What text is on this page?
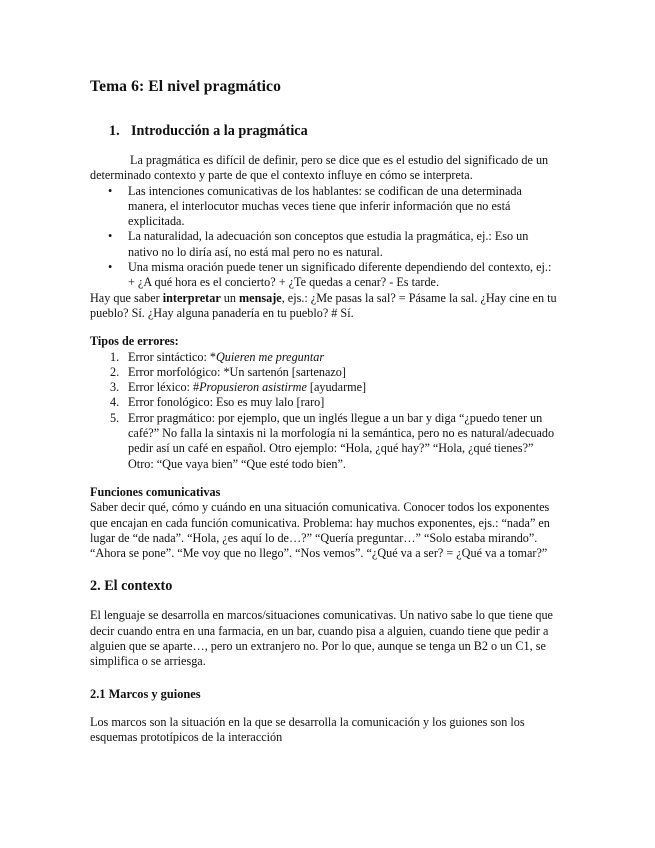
Tema 6: El nivel pragmático
1. Introducción a la pragmática

La pragmática es difícil de definir, pero se dice que es el estudio del significado de un determinado contexto y parte de que el contexto influye en cómo se interpreta.

• Las intenciones comunicativas de los hablantes: se codifican de una determinada manera, el interlocutor muchas veces tiene que inferir información que no está explicitada.
• La naturalidad, la adecuación son conceptos que estudia la pragmática, ej.: Eso un nativo no lo diría así, no está mal pero no es natural.
• Una misma oración puede tener un significado diferente dependiendo del contexto, ej.: + ¿A qué hora es el concierto? + ¿Te quedas a cenar? - Es tarde.

Hay que saber interpretar un mensaje, ejs.: ¿Me pasas la sal? = Pásame la sal. ¿Hay cine en tu pueblo? Sí. ¿Hay alguna panadería en tu pueblo? # Sí.

Tipos de errores:

1. Error sintáctico: *Quieren me preguntar
2. Error morfológico: *Un sartenón [sartenazo]
3. Error léxico: #Propusieron asistirme [ayudarme]
4. Error fonológico: Eso es muy lalo [raro]
5. Error pragmático: por ejemplo, que un inglés llegue a un bar y diga “¿puedo tener un café?” No falla la sintaxis ni la morfología ni la semántica, pero no es natural/adecuado pedir así un café en español. Otro ejemplo: “Hola, ¿qué hay?” “Hola, ¿qué tienes?” Otro: “Que vaya bien” “Que esté todo bien”.

Funciones comunicativas

Saber decir qué, cómo y cuándo en una situación comunicativa. Conocer todos los exponentes que encajan en cada función comunicativa. Problema: hay muchos exponentes, ejs.: “nada” en lugar de “de nada”. “Hola, ¿es aquí lo de…?” “Quería preguntar…” “Solo estaba mirando”. “Ahora se pone”. “Me voy que no llego”. “Nos vemos”. “¿Qué va a ser? = ¿Qué va a tomar?”

2. El contexto

El lenguaje se desarrolla en marcos/situaciones comunicativas. Un nativo sabe lo que tiene que decir cuando entra en una farmacia, en un bar, cuando pisa a alguien, cuando tiene que pedir a alguien que se aparte…, pero un extranjero no. Por lo que, aunque se tenga un B2 o un C1, se simplifica o se arriesga.

2.1 Marcos y guiones

Los marcos son la situación en la que se desarrolla la comunicación y los guiones son los esquemas prototípicos de la interacción
